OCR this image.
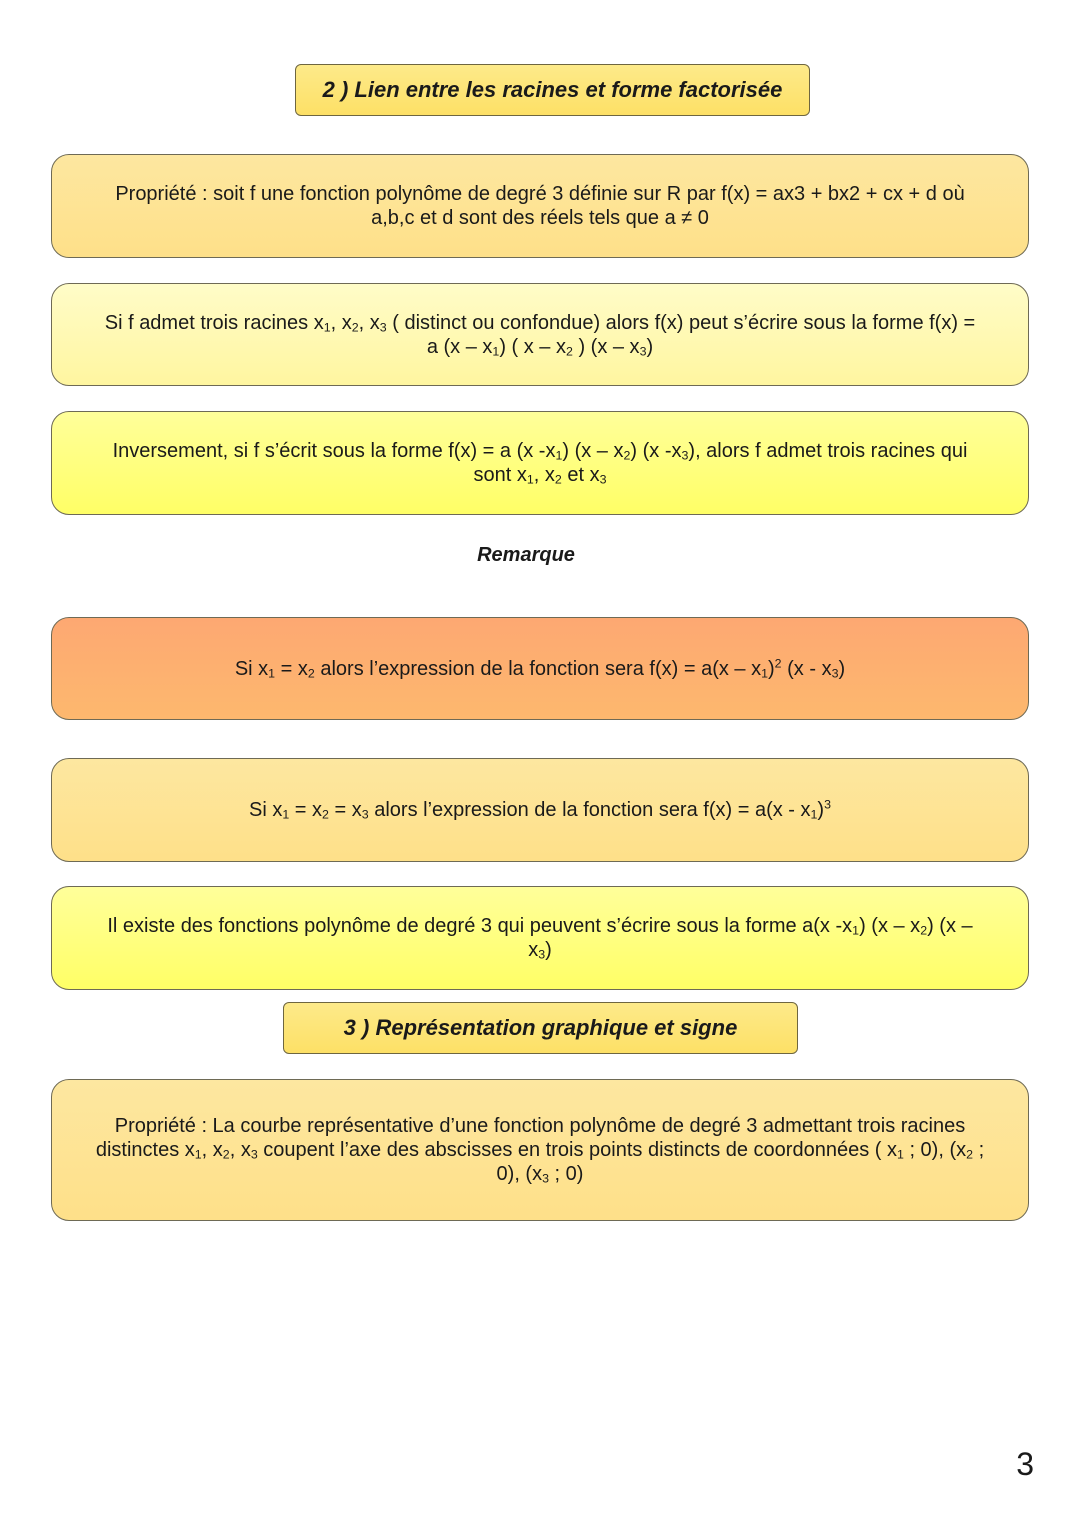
2 ) Lien entre les racines et forme factorisée
Propriété : soit f une fonction polynôme de degré 3 définie sur R par f(x) = ax3 + bx2 + cx + d où
a,b,c et d sont des réels tels que a ≠ 0
Si f admet trois racines $x_1$, $x_2$, $x_3$ ( distinct ou confondue) alors f(x) peut s’écrire sous la forme f(x) =
a $(x - x_1)$ ( x – $x_2$ ) $(x - x_3)$
Inversement, si f s’écrit sous la forme f(x) = a (x $-x_1$) $(x - x_2)$ (x $-x_3$), alors f admet trois racines qui
sont $x_1$, $x_2$ et $x_3$
Remarque
Si $x_1 = x_2$ alors l’expression de la fonction sera $f(x) = a(x - x_1)^2$ $(x - x_3)$
Si $x_1 = x_2 = x_3$ alors l’expression de la fonction sera $f(x) = a(x - x_1)^3$
Il existe des fonctions polynôme de degré 3 qui peuvent s’écrire sous la forme a(x $-x_1$) $(x - x_2)$ (x –
$x_3$)
3 ) Représentation graphique et signe
Propriété : La courbe représentative d’une fonction polynôme de degré 3 admettant trois racines
distinctes $x_1$, $x_2$, $x_3$ coupent l’axe des abscisses en trois points distincts de coordonnées ( $x_1$ ; 0), ($x_2$ ;
0), ($x_3$ ; 0)
3
